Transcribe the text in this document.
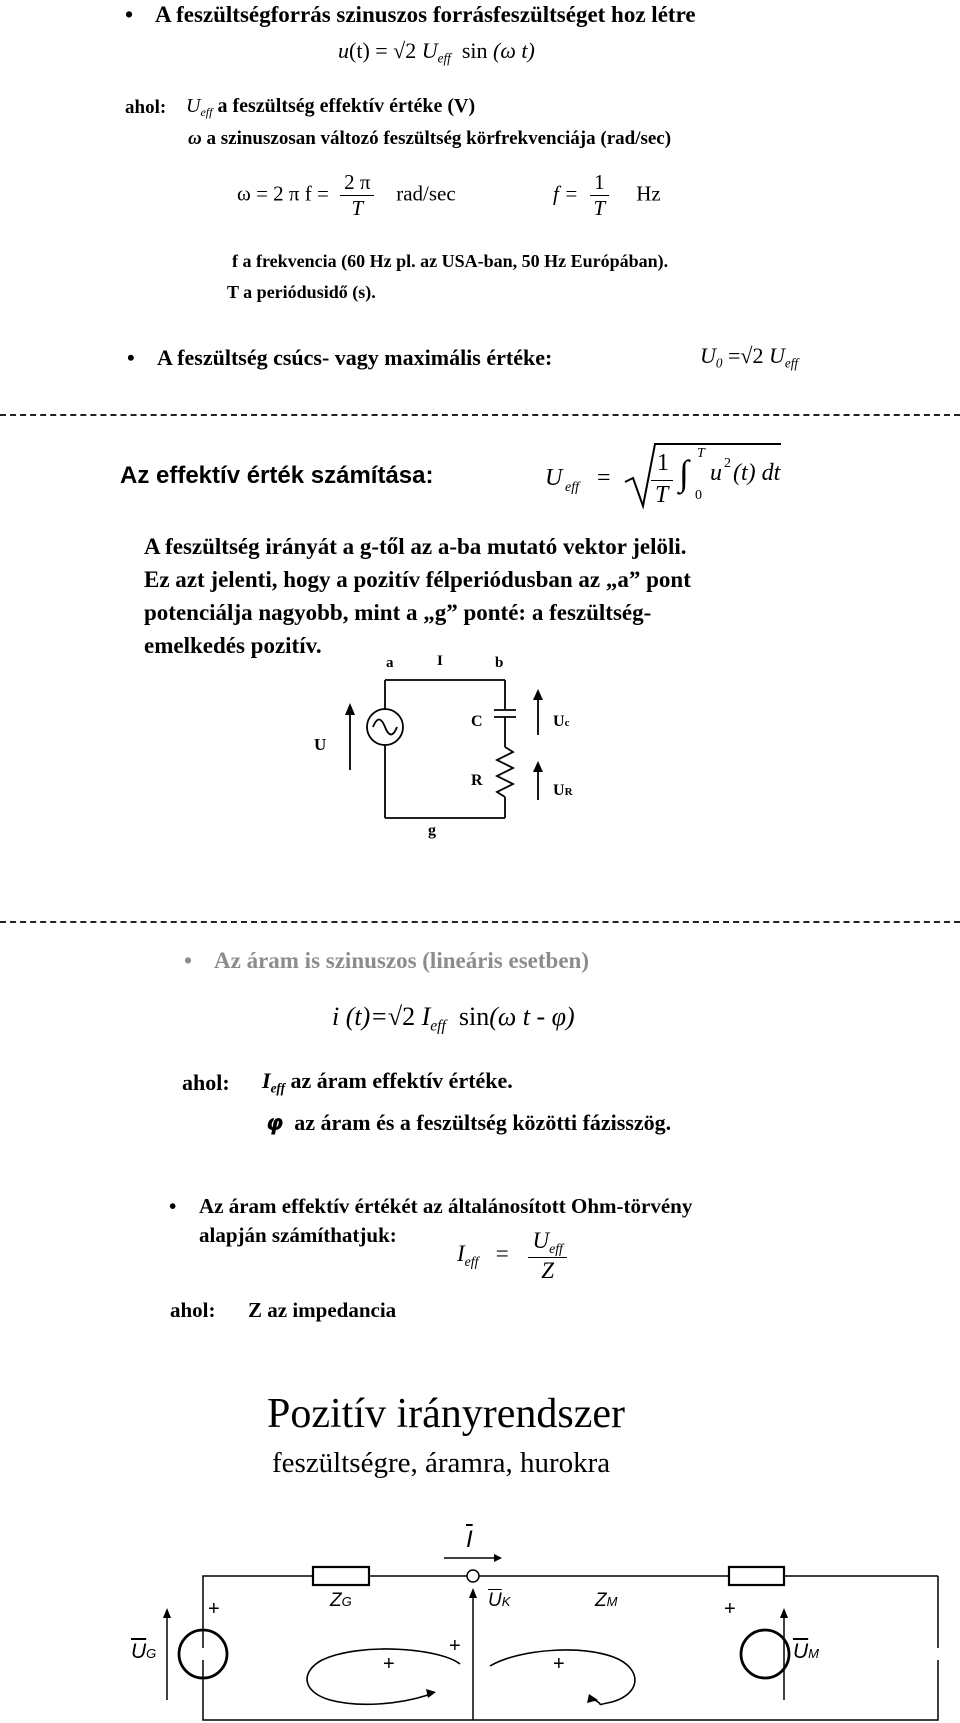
• A feszültségforrás szinuszos forrásfeszültséget hoz létre
u(t) = √2 $U_{eff}$ sin (ω t)
ahol: $U_{eff}$ a feszültség effektív értéke (V)
ω a szinuszosan változó feszültség körfrekvenciája (rad/sec)
ω = 2 π $f = \frac{2 \pi}{T} rad/\sec$	$f = \frac{1}{T}$ Hz
f a frekvencia (60 Hz pl. az USA-ban, 50 Hz Európában).
T a periódusidő (s).
• A feszültség csúcs- vagy maximális értéke:	$U_0 =√2$ $U_{eff}$
Az effektív érték számítása:	U eff =
1
T
∫ T
0
u 2 (t) dt
A feszültség irányát a g-től az a-ba mutató vektor jelöli.
Ez azt jelenti, hogy a pozitív félperiódusban az „a” pont
potenciálja nagyobb, mint a „g” ponté: a feszültség-
emelkedés pozitív.
a	I	b
U
C
R
g
Uc
UR
• Az áram is szinuszos (lineáris esetben)
i (t)=√2 $I_{eff}$ sin(ω t - φ)
ahol: $I_{eff}$ az áram effektív értéke.
φ az áram és a feszültség közötti fázisszög.
• Az áram effektív értékét az általánosított Ohm-törvény
alapján számíthatjuk:
$I_{eff} = \frac{U_{eff}}{Z}$
ahol: Z az impedancia
Pozitív irányrendszer
feszültségre, áramra, hurokra
$\overline{I}$
ZG	$\overline{U}K$	ZM
$\overline{U}G$	$\overline{U}M$
+	+
+
+	+
